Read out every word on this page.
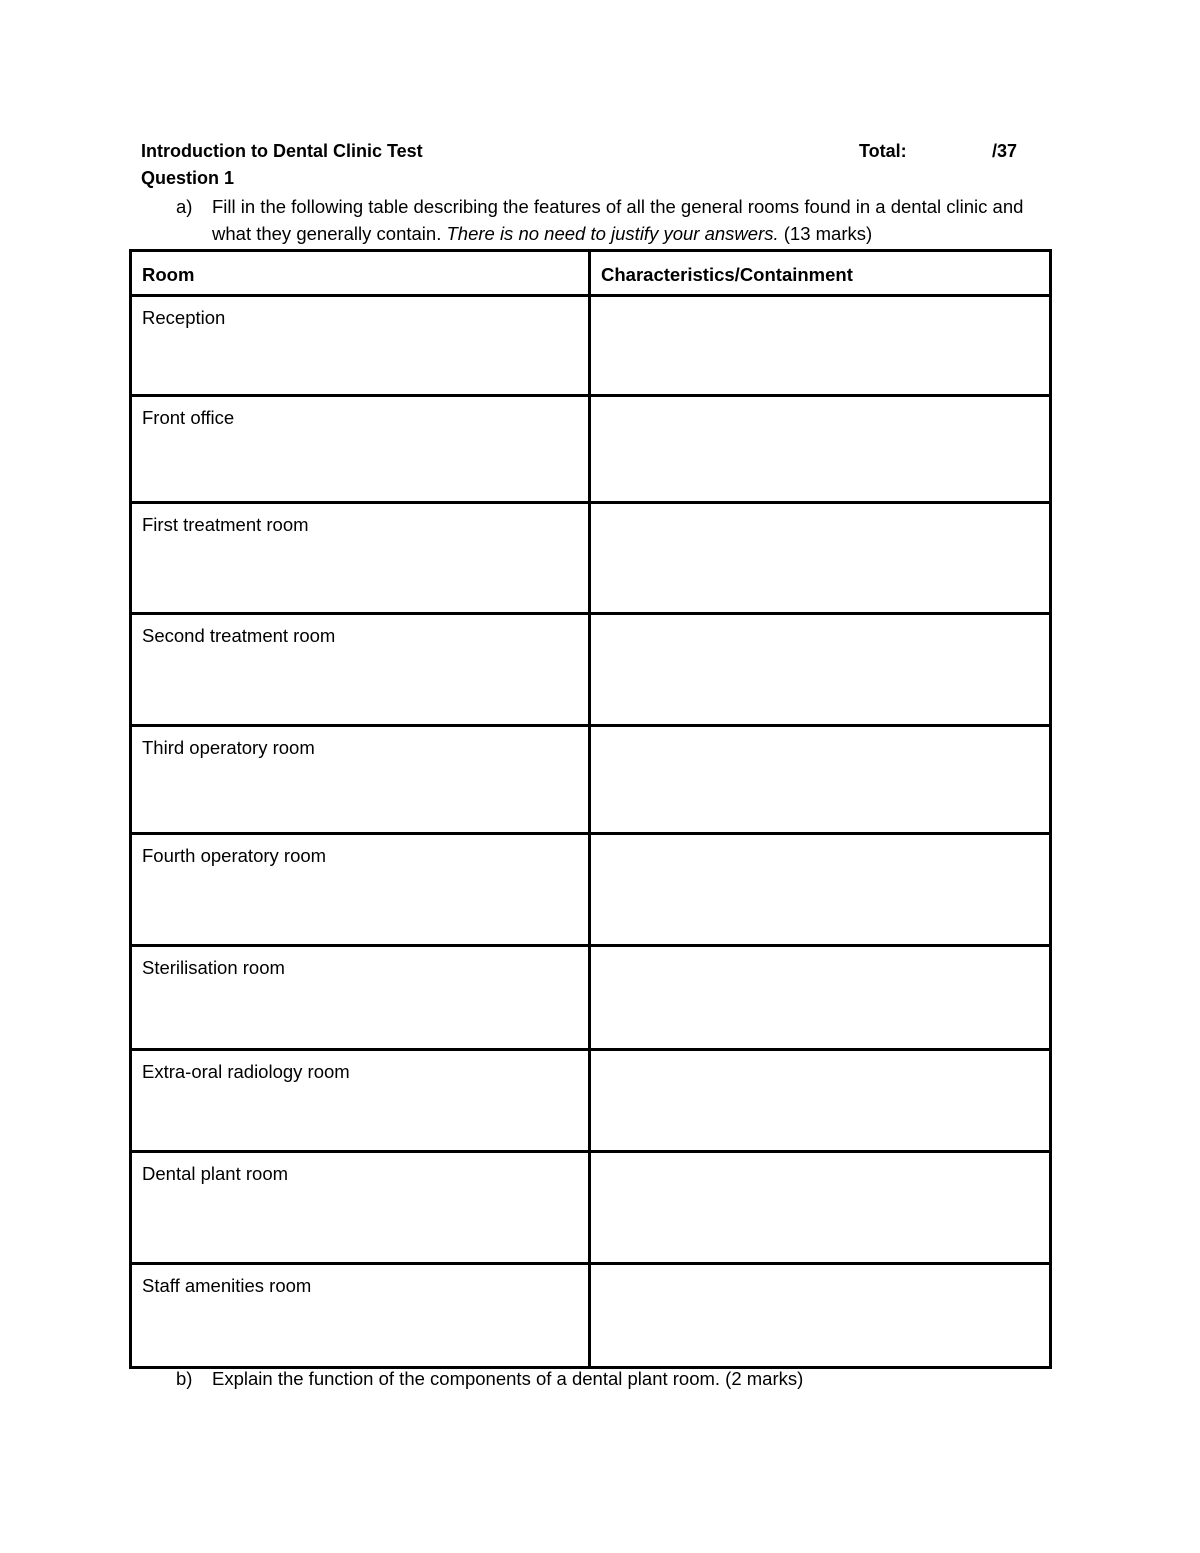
Introduction to Dental Clinic Test	Total:	/37
Question 1
a) Fill in the following table describing the features of all the general rooms found in a dental clinic and what they generally contain. There is no need to justify your answers. (13 marks)
Room	Characteristics/Containment
Reception	
Front office	
First treatment room	
Second treatment room	
Third operatory room	
Fourth operatory room	
Sterilisation room	
Extra-oral radiology room	
Dental plant room	
Staff amenities room	
b) Explain the function of the components of a dental plant room. (2 marks)
